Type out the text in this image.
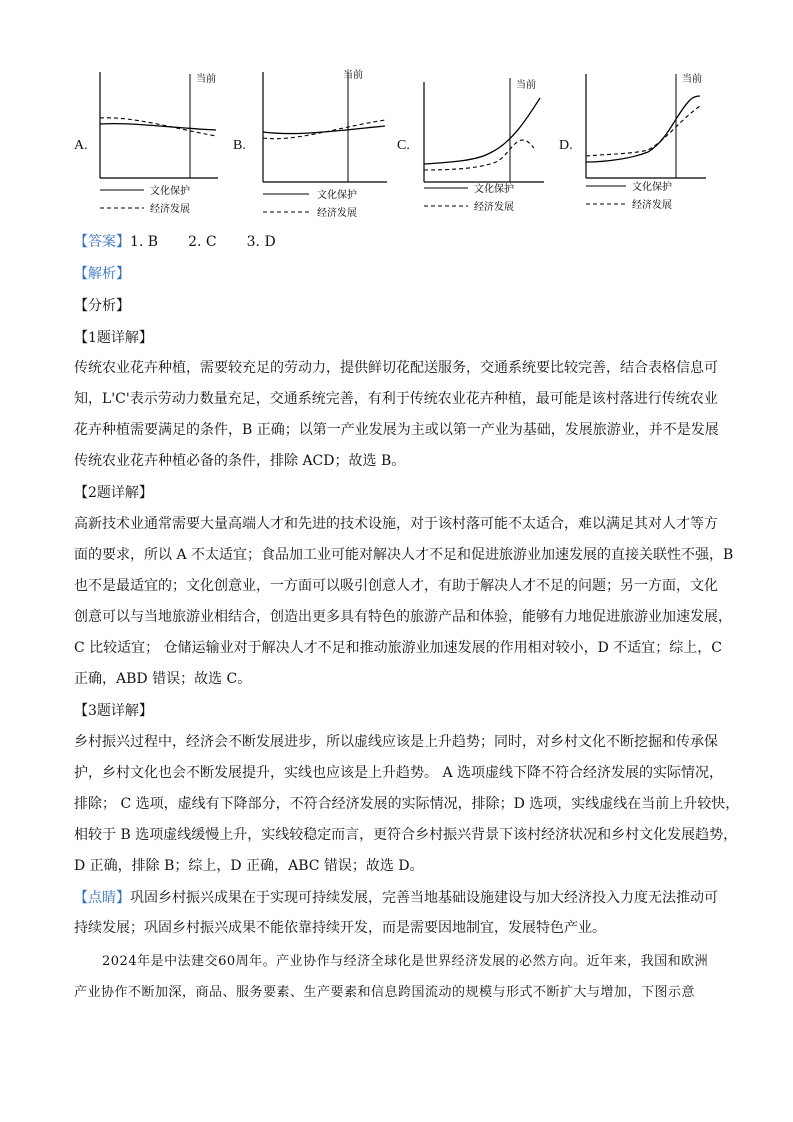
A.
当前
文化保护
经济发展
B.
当前
文化保护
经济发展
C.
当前
文化保护
经济发展
D.
当前
文化保护
经济发展
【答案】1. B 2. C 3. D
【解析】
【分析】
【1题详解】
传统农业花卉种植，需要较充足的劳动力，提供鲜切花配送服务，交通系统要比较完善，结合表格信息可
知，L'C'表示劳动力数量充足，交通系统完善，有利于传统农业花卉种植，最可能是该村落进行传统农业
花卉种植需要满足的条件，B 正确；以第一产业发展为主或以第一产业为基础，发展旅游业，并不是发展
传统农业花卉种植必备的条件，排除 ACD；故选 B。
【2题详解】
高新技术业通常需要大量高端人才和先进的技术设施，对于该村落可能不太适合，难以满足其对人才等方
面的要求，所以 A 不太适宜；食品加工业可能对解决人才不足和促进旅游业加速发展的直接关联性不强，B
也不是最适宜的；文化创意业，一方面可以吸引创意人才，有助于解决人才不足的问题；另一方面，文化
创意可以与当地旅游业相结合，创造出更多具有特色的旅游产品和体验，能够有力地促进旅游业加速发展，
C 比较适宜； 仓储运输业对于解决人才不足和推动旅游业加速发展的作用相对较小，D 不适宜；综上，C
正确，ABD 错误；故选 C。
【3题详解】
乡村振兴过程中，经济会不断发展进步，所以虚线应该是上升趋势；同时，对乡村文化不断挖掘和传承保
护，乡村文化也会不断发展提升，实线也应该是上升趋势。 A 选项虚线下降不符合经济发展的实际情况，
排除； C 选项，虚线有下降部分，不符合经济发展的实际情况，排除；D 选项，实线虚线在当前上升较快，
相较于 B 选项虚线缓慢上升，实线较稳定而言，更符合乡村振兴背景下该村经济状况和乡村文化发展趋势，
D 正确，排除 B；综上，D 正确，ABC 错误；故选 D。
【点睛】巩固乡村振兴成果在于实现可持续发展，完善当地基础设施建设与加大经济投入力度无法推动可
持续发展；巩固乡村振兴成果不能依靠持续开发，而是需要因地制宜，发展特色产业。
2024年是中法建交60周年。产业协作与经济全球化是世界经济发展的必然方向。近年来，我国和欧洲
产业协作不断加深，商品、服务要素、生产要素和信息跨国流动的规模与形式不断扩大与增加，下图示意
